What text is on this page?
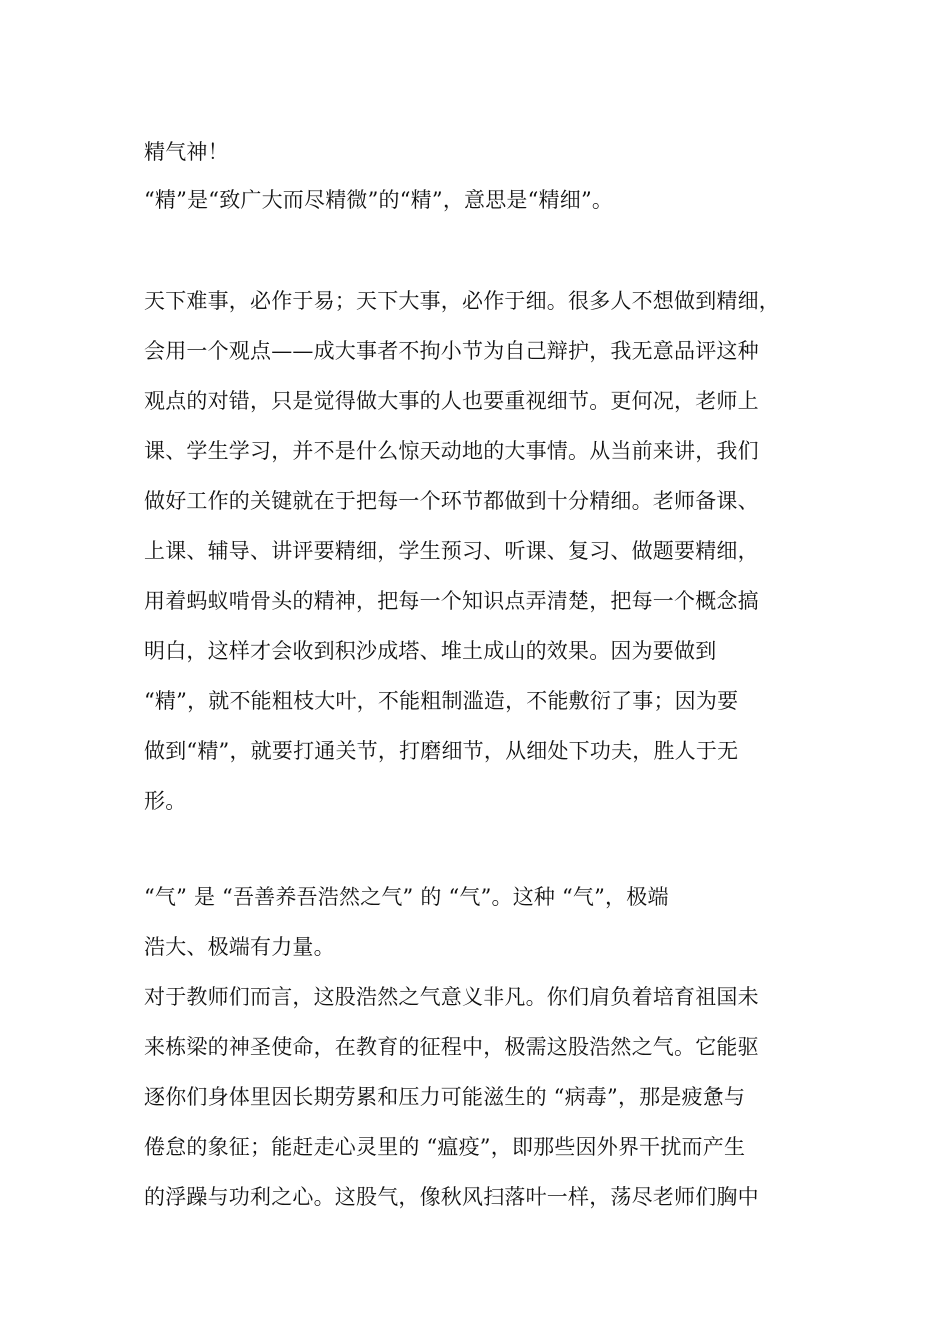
精气神！
“精”是“致广大而尽精微”的“精”，意思是“精细”。
天下难事，必作于易；天下大事，必作于细。很多人不想做到精细，
会用一个观点——成大事者不拘小节为自己辩护，我无意品评这种
观点的对错，只是觉得做大事的人也要重视细节。更何况，老师上
课、学生学习，并不是什么惊天动地的大事情。从当前来讲，我们
做好工作的关键就在于把每一个环节都做到十分精细。老师备课、
上课、辅导、讲评要精细，学生预习、听课、复习、做题要精细，
用着蚂蚁啃骨头的精神，把每一个知识点弄清楚，把每一个概念搞
明白，这样才会收到积沙成塔、堆土成山的效果。因为要做到
“精”，就不能粗枝大叶，不能粗制滥造，不能敷衍了事；因为要
做到“精”，就要打通关节，打磨细节，从细处下功夫，胜人于无
形。
“气” 是 “吾善养吾浩然之气” 的 “气”。这种 “气”，极端
浩大、极端有力量。
对于教师们而言，这股浩然之气意义非凡。你们肩负着培育祖国未
来栋梁的神圣使命，在教育的征程中，极需这股浩然之气。它能驱
逐你们身体里因长期劳累和压力可能滋生的 “病毒”，那是疲惫与
倦怠的象征；能赶走心灵里的 “瘟疫”，即那些因外界干扰而产生
的浮躁与功利之心。这股气，像秋风扫落叶一样，荡尽老师们胸中
